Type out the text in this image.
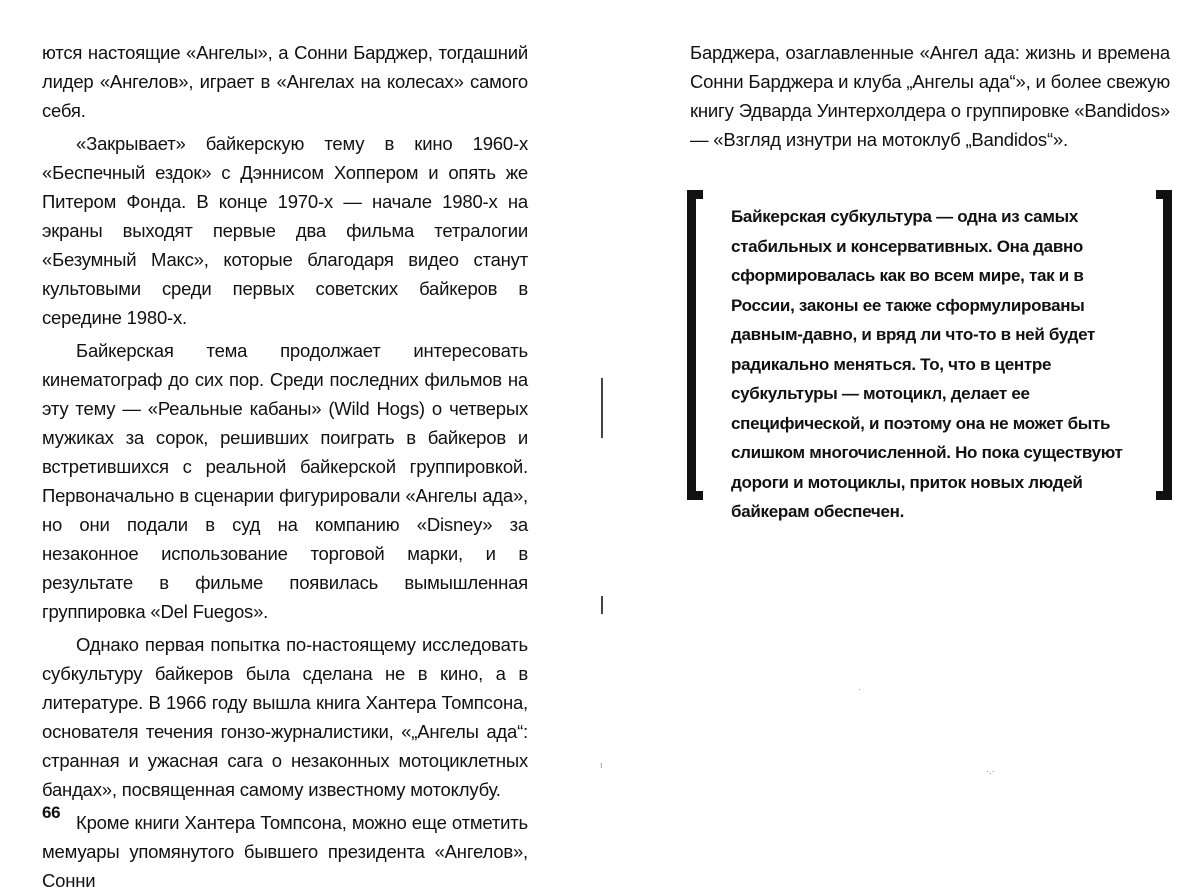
ются настоящие «Ангелы», а Сонни Барджер, тогдашний лидер «Ангелов», играет в «Ангелах на колесах» самого себя.

«Закрывает» байкерскую тему в кино 1960-х «Беспечный ездок» с Дэннисом Хоппером и опять же Питером Фонда. В конце 1970-х — начале 1980-х на экраны выходят первые два фильма тетралогии «Безумный Макс», которые благодаря видео станут культовыми среди первых советских байкеров в середине 1980-х.

Байкерская тема продолжает интересовать кинематограф до сих пор. Среди последних фильмов на эту тему — «Реальные кабаны» (Wild Hogs) о четверых мужиках за сорок, решивших поиграть в байкеров и встретившихся с реальной байкерской группировкой. Первоначально в сценарии фигурировали «Ангелы ада», но они подали в суд на компанию «Disney» за незаконное использование торговой марки, и в результате в фильме появилась вымышленная группировка «Del Fuegos».

Однако первая попытка по-настоящему исследовать субкультуру байкеров была сделана не в кино, а в литературе. В 1966 году вышла книга Хантера Томпсона, основателя течения гонзо-журналистики, «„Ангелы ада“: странная и ужасная сага о незаконных мотоциклетных бандах», посвященная самому известному мотоклубу.

Кроме книги Хантера Томпсона, можно еще отметить мемуары упомянутого бывшего президента «Ангелов», Сонни

66
ı
·
·.·

Барджера, озаглавленные «Ангел ада: жизнь и времена Сонни Барджера и клуба „Ангелы ада“», и более свежую книгу Эдварда Уинтерхолдера о группировке «Bandidos» — «Взгляд изнутри на мотоклуб „Bandidos“».

Байкерская субкультура — одна из самых стабильных и консервативных. Она давно сформировалась как во всем мире, так и в России, законы ее также сформулированы давным-давно, и вряд ли что-то в ней будет радикально меняться. То, что в центре субкультуры — мотоцикл, делает ее специфической, и поэтому она не может быть слишком многочисленной. Но пока существуют дороги и мотоциклы, приток новых людей байкерам обеспечен.
